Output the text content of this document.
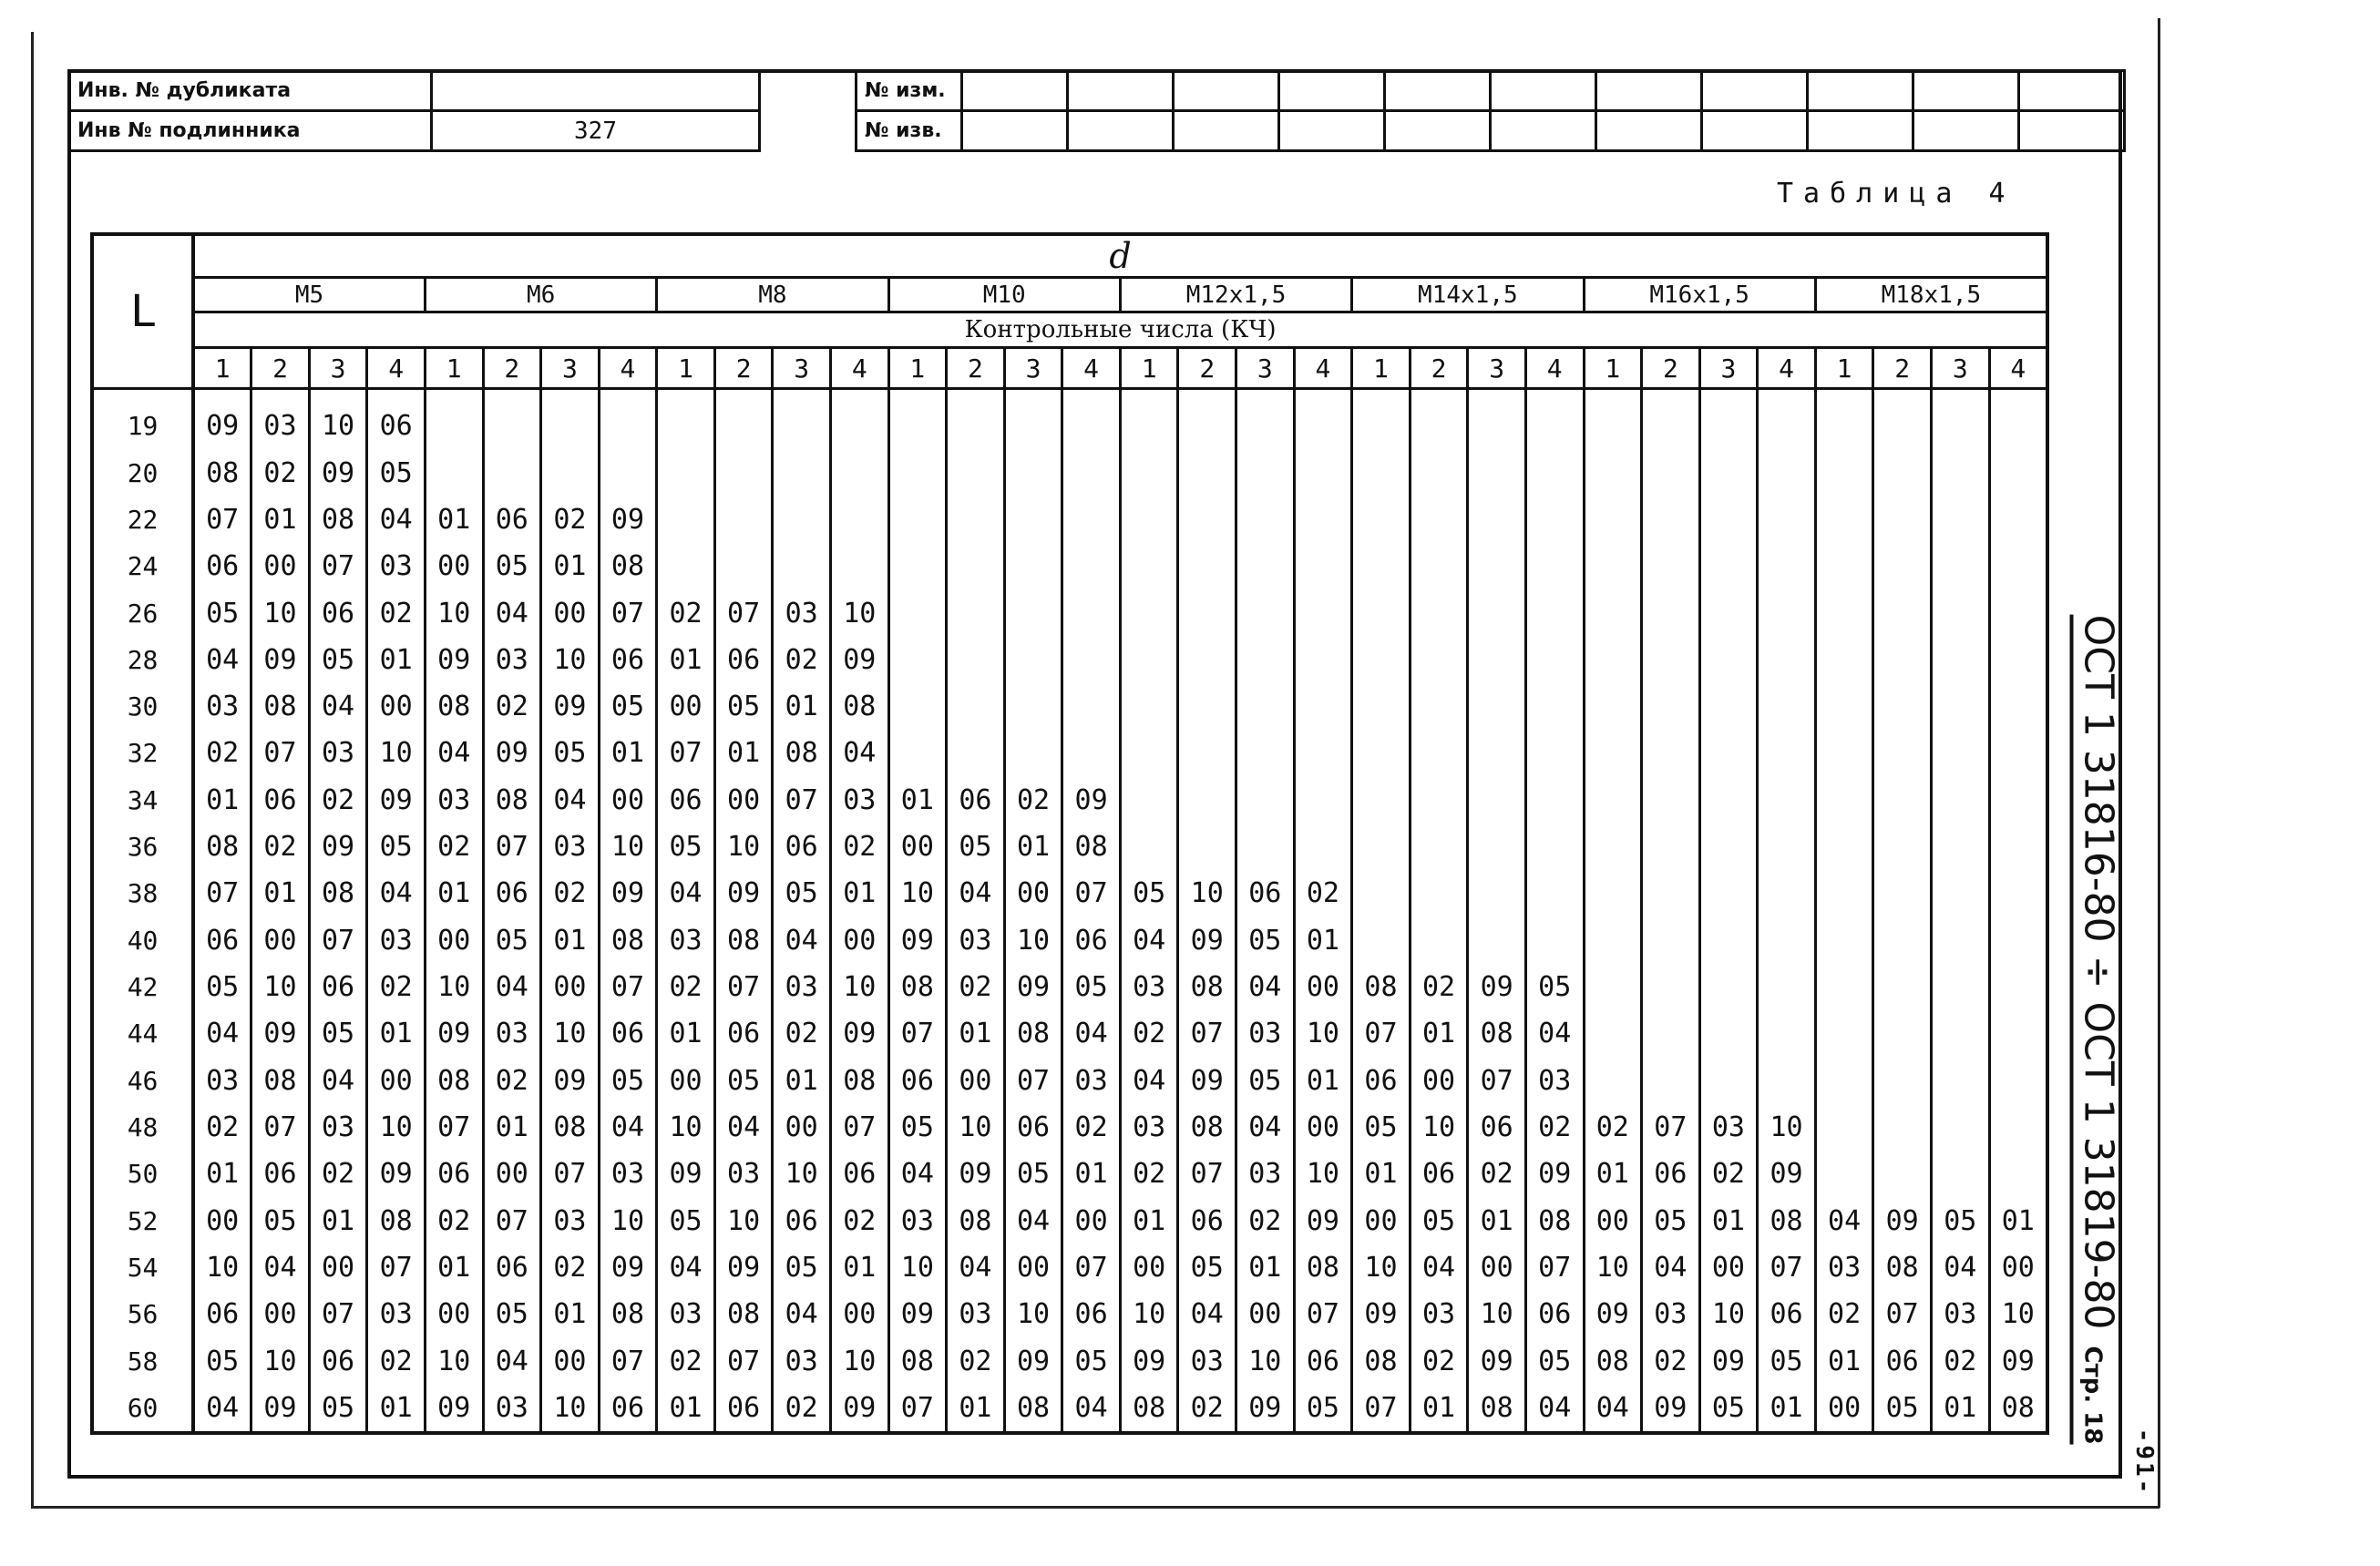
Инв. № дубликата	
Инв № подлинника	327
№ изм.											
№ изв.											
Таблица 4
L	d																															
	M5				M6				M8				M10				M12x1,5				M14x1,5				M16x1,5				M18x1,5			
	Контрольные числа (КЧ)																															
	1	2	3	4	1	2	3	4	1	2	3	4	1	2	3	4	1	2	3	4	1	2	3	4	1	2	3	4	1	2	3	4
19	09	03	10	06																												
20	08	02	09	05																												
22	07	01	08	04	01	06	02	09																								
24	06	00	07	03	00	05	01	08																								
26	05	10	06	02	10	04	00	07	02	07	03	10																				
28	04	09	05	01	09	03	10	06	01	06	02	09																				
30	03	08	04	00	08	02	09	05	00	05	01	08																				
32	02	07	03	10	04	09	05	01	07	01	08	04																				
34	01	06	02	09	03	08	04	00	06	00	07	03	01	06	02	09																
36	08	02	09	05	02	07	03	10	05	10	06	02	00	05	01	08																
38	07	01	08	04	01	06	02	09	04	09	05	01	10	04	00	07	05	10	06	02												
40	06	00	07	03	00	05	01	08	03	08	04	00	09	03	10	06	04	09	05	01												
42	05	10	06	02	10	04	00	07	02	07	03	10	08	02	09	05	03	08	04	00	08	02	09	05								
44	04	09	05	01	09	03	10	06	01	06	02	09	07	01	08	04	02	07	03	10	07	01	08	04								
46	03	08	04	00	08	02	09	05	00	05	01	08	06	00	07	03	04	09	05	01	06	00	07	03								
48	02	07	03	10	07	01	08	04	10	04	00	07	05	10	06	02	03	08	04	00	05	10	06	02	02	07	03	10				
50	01	06	02	09	06	00	07	03	09	03	10	06	04	09	05	01	02	07	03	10	01	06	02	09	01	06	02	09				
52	00	05	01	08	02	07	03	10	05	10	06	02	03	08	04	00	01	06	02	09	00	05	01	08	00	05	01	08	04	09	05	01
54	10	04	00	07	01	06	02	09	04	09	05	01	10	04	00	07	00	05	01	08	10	04	00	07	10	04	00	07	03	08	04	00
56	06	00	07	03	00	05	01	08	03	08	04	00	09	03	10	06	10	04	00	07	09	03	10	06	09	03	10	06	02	07	03	10
58	05	10	06	02	10	04	00	07	02	07	03	10	08	02	09	05	09	03	10	06	08	02	09	05	08	02	09	05	01	06	02	09
60	04	09	05	01	09	03	10	06	01	06	02	09	07	01	08	04	08	02	09	05	07	01	08	04	04	09	05	01	00	05	01	08
ОСТ 1 31816-80 ÷ ОСТ 1 31819-80Стр. 18
-91-
